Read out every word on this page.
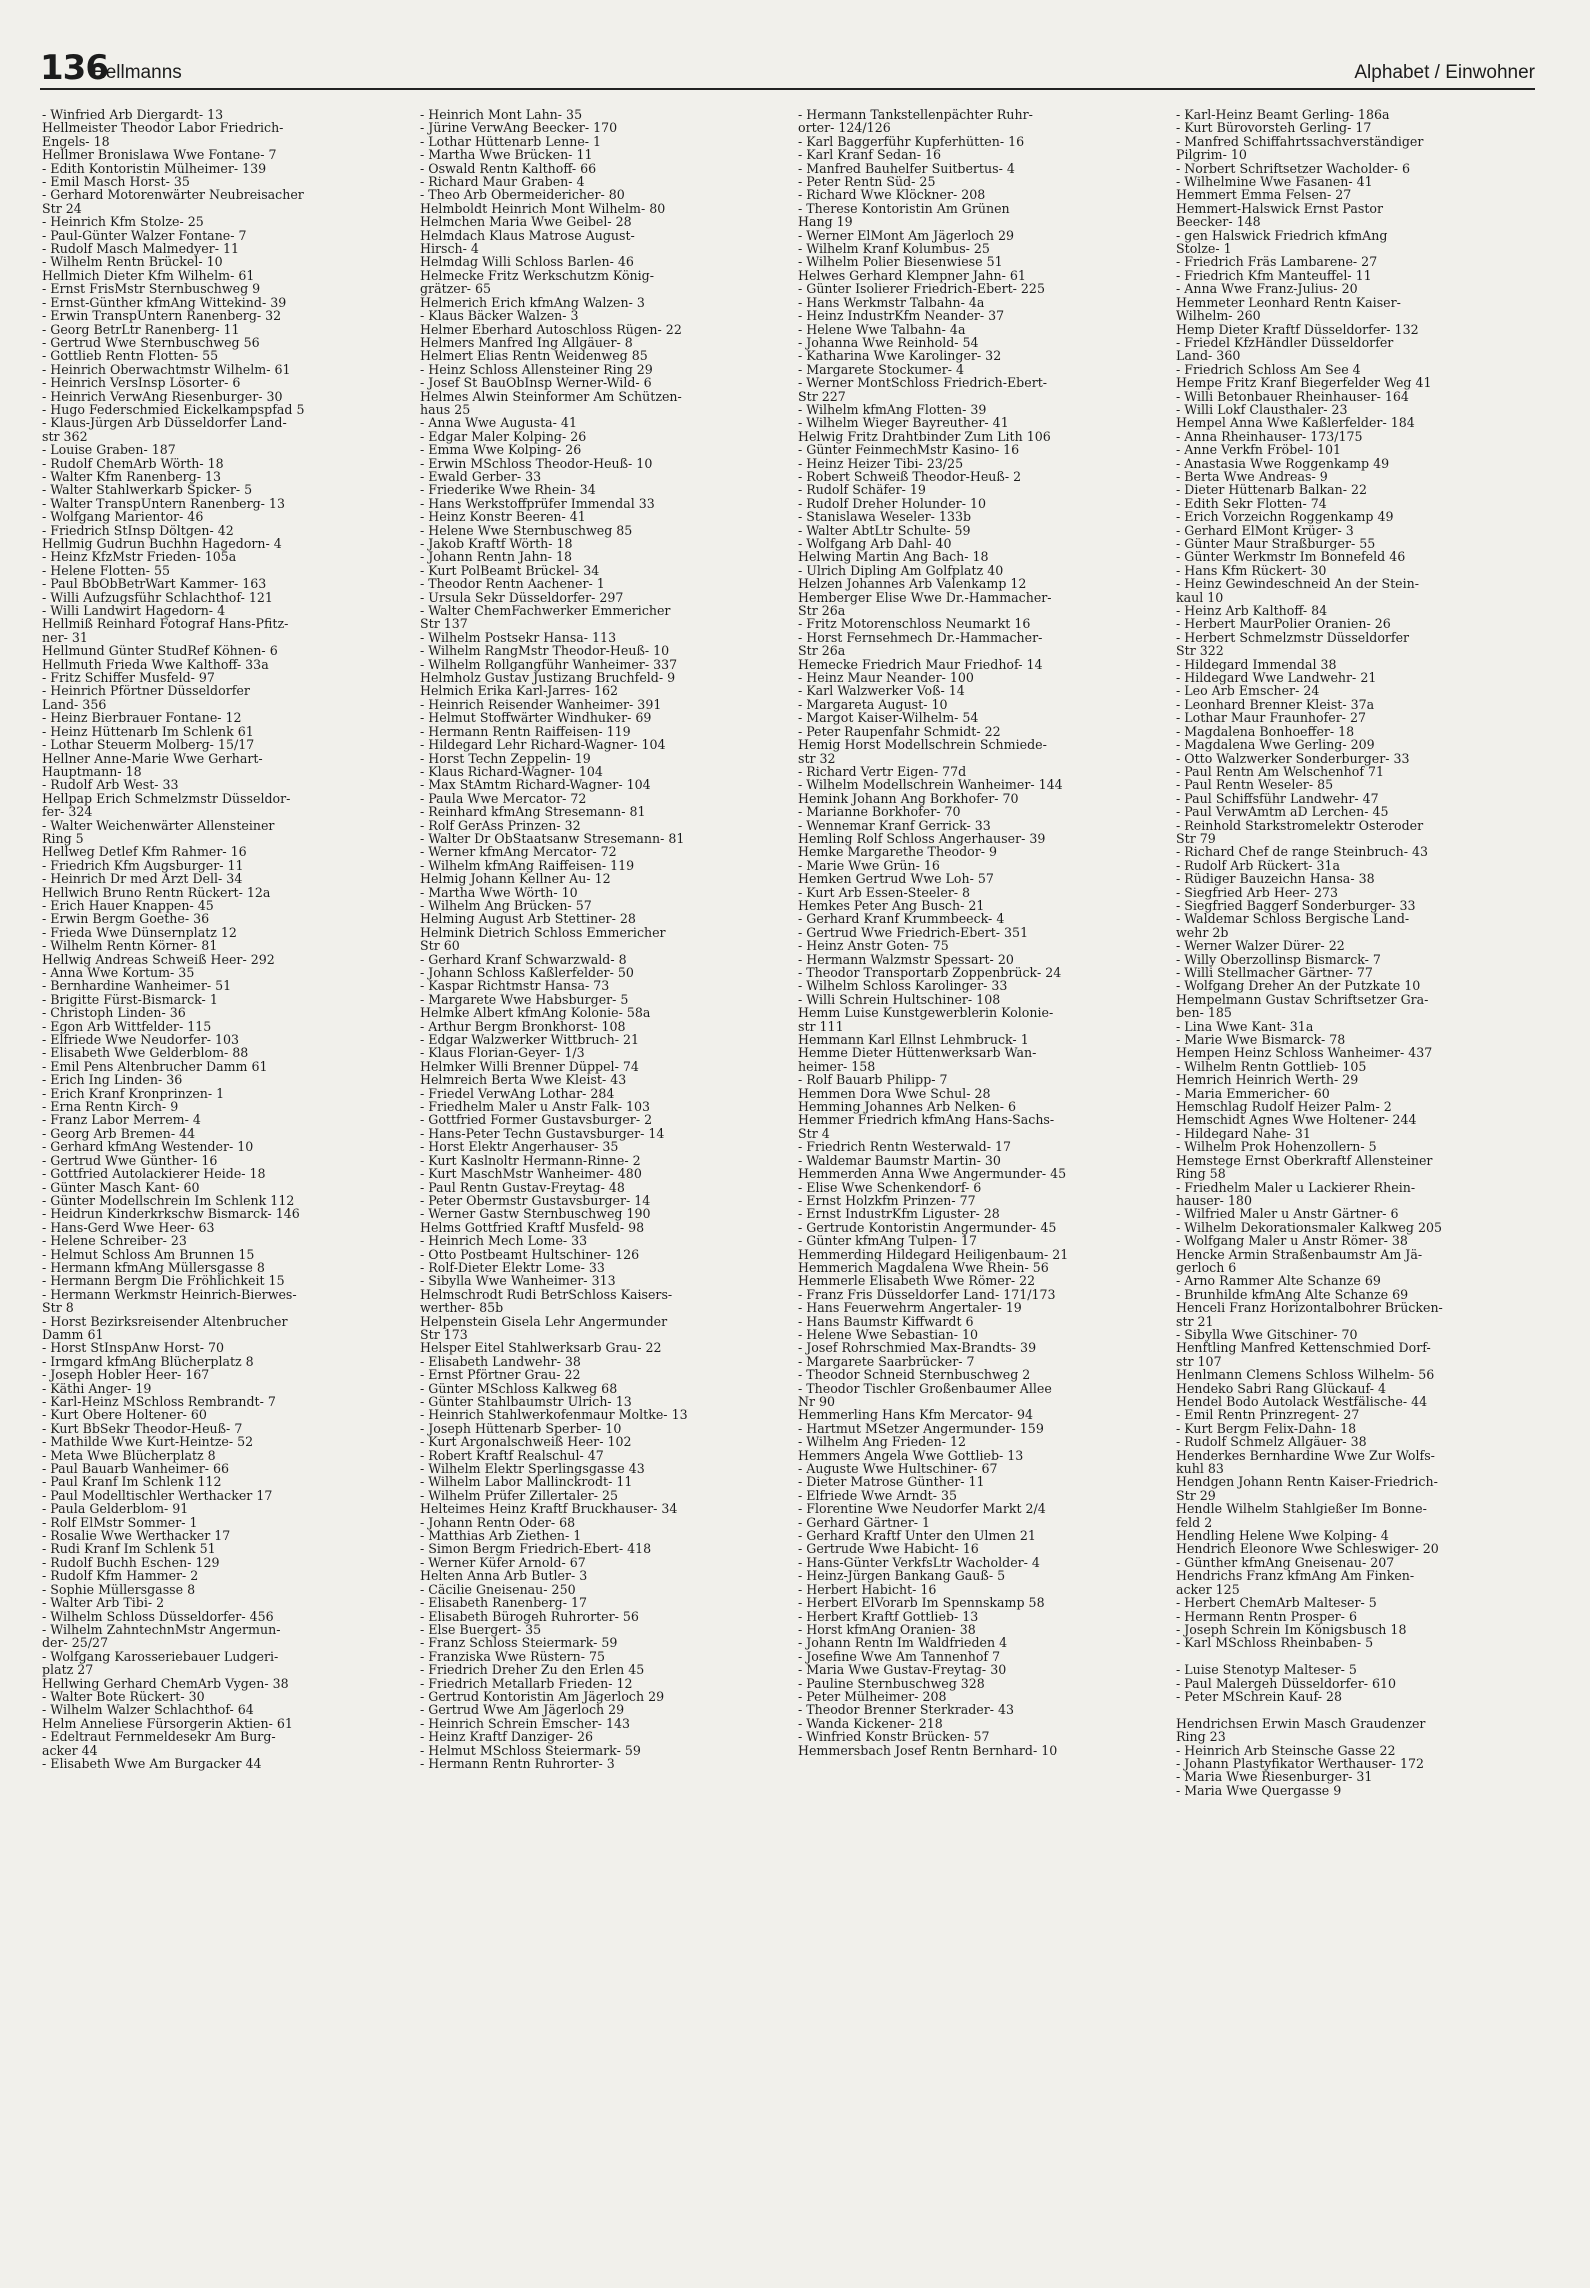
136
Hellmanns	Alphabet / Einwohner
- Winfried Arb Diergardt- 13
Hellmeister Theodor Labor Friedrich-
Engels- 18
Hellmer Bronislawa Wwe Fontane- 7
- Edith Kontoristin Mülheimer- 139
- Emil Masch Horst- 35
- Gerhard Motorenwärter Neubreisacher
Str 24
- Heinrich Kfm Stolze- 25
- Paul-Günter Walzer Fontane- 7
- Rudolf Masch Malmedyer- 11
- Wilhelm Rentn Brückel- 10
Hellmich Dieter Kfm Wilhelm- 61
- Ernst FrisMstr Sternbuschweg 9
- Ernst-Günther kfmAng Wittekind- 39
- Erwin TranspUntern Ranenberg- 32
- Georg BetrLtr Ranenberg- 11
- Gertrud Wwe Sternbuschweg 56
- Gottlieb Rentn Flotten- 55
- Heinrich Oberwachtmstr Wilhelm- 61
- Heinrich VersInsp Lösorter- 6
- Heinrich VerwAng Riesenburger- 30
- Hugo Federschmied Eickelkampspfad 5
- Klaus-Jürgen Arb Düsseldorfer Land-
str 362
- Louise Graben- 187
- Rudolf ChemArb Wörth- 18
- Walter Kfm Ranenberg- 13
- Walter Stahlwerkarb Spicker- 5
- Walter TranspUntern Ranenberg- 13
- Wolfgang Marientor- 46
- Friedrich StInsp Döltgen- 42
Hellmig Gudrun Buchhn Hagedorn- 4
- Heinz KfzMstr Frieden- 105a
- Helene Flotten- 55
- Paul BbObBetrWart Kammer- 163
- Willi Aufzugsführ Schlachthof- 121
- Willi Landwirt Hagedorn- 4
Hellmiß Reinhard Fotograf Hans-Pfitz-
ner- 31
Hellmund Günter StudRef Köhnen- 6
Hellmuth Frieda Wwe Kalthoff- 33a
- Fritz Schiffer Musfeld- 97
- Heinrich Pförtner Düsseldorfer
Land- 356
- Heinz Bierbrauer Fontane- 12
- Heinz Hüttenarb Im Schlenk 61
- Lothar Steuerm Molberg- 15/17
Hellner Anne-Marie Wwe Gerhart-
Hauptmann- 18
- Rudolf Arb West- 33
Hellpap Erich Schmelzmstr Düsseldor-
fer- 324
- Walter Weichenwärter Allensteiner
Ring 5
Hellweg Detlef Kfm Rahmer- 16
- Friedrich Kfm Augsburger- 11
- Heinrich Dr med Arzt Dell- 34
Hellwich Bruno Rentn Rückert- 12a
- Erich Hauer Knappen- 45
- Erwin Bergm Goethe- 36
- Frieda Wwe Dünsernplatz 12
- Wilhelm Rentn Körner- 81
Hellwig Andreas Schweiß Heer- 292
- Anna Wwe Kortum- 35
- Bernhardine Wanheimer- 51
- Brigitte Fürst-Bismarck- 1
- Christoph Linden- 36
- Egon Arb Wittfelder- 115
- Elfriede Wwe Neudorfer- 103
- Elisabeth Wwe Gelderblom- 88
- Emil Pens Altenbrucher Damm 61
- Erich Ing Linden- 36
- Erich Kranf Kronprinzen- 1
- Erna Rentn Kirch- 9
- Franz Labor Merrem- 4
- Georg Arb Bremen- 44
- Gerhard kfmAng Westender- 10
- Gertrud Wwe Günther- 16
- Gottfried Autolackierer Heide- 18
- Günter Masch Kant- 60
- Günter Modellschrein Im Schlenk 112
- Heidrun Kinderkrkschw Bismarck- 146
- Hans-Gerd Wwe Heer- 63
- Helene Schreiber- 23
- Helmut Schloss Am Brunnen 15
- Hermann kfmAng Müllersgasse 8
- Hermann Bergm Die Fröhlichkeit 15
- Hermann Werkmstr Heinrich-Bierwes-
Str 8
- Horst Bezirksreisender Altenbrucher
Damm 61
- Horst StInspAnw Horst- 70
- Irmgard kfmAng Blücherplatz 8
- Joseph Hobler Heer- 167
- Käthi Anger- 19
- Karl-Heinz MSchloss Rembrandt- 7
- Kurt Obere Holtener- 60
- Kurt BbSekr Theodor-Heuß- 7
- Mathilde Wwe Kurt-Heintze- 52
- Meta Wwe Blücherplatz 8
- Paul Bauarb Wanheimer- 66
- Paul Kranf Im Schlenk 112
- Paul Modelltischler Werthacker 17
- Paula Gelderblom- 91
- Rolf ElMstr Sommer- 1
- Rosalie Wwe Werthacker 17
- Rudi Kranf Im Schlenk 51
- Rudolf Buchh Eschen- 129
- Rudolf Kfm Hammer- 2
- Sophie Müllersgasse 8
- Walter Arb Tibi- 2
- Wilhelm Schloss Düsseldorfer- 456
- Wilhelm ZahntechnMstr Angermun-
der- 25/27
- Wolfgang Karosseriebauer Ludgeri-
platz 27
Hellwing Gerhard ChemArb Vygen- 38
- Walter Bote Rückert- 30
- Wilhelm Walzer Schlachthof- 64
Helm Anneliese Fürsorgerin Aktien- 61
- Edeltraut Fernmeldesekr Am Burg-
acker 44
- Elisabeth Wwe Am Burgacker 44
- Heinrich Mont Lahn- 35
- Jürine VerwAng Beecker- 170
- Lothar Hüttenarb Lenne- 1
- Martha Wwe Brücken- 11
- Oswald Rentn Kalthoff- 66
- Richard Maur Graben- 4
- Theo Arb Obermeidericher- 80
Helmboldt Heinrich Mont Wilhelm- 80
Helmchen Maria Wwe Geibel- 28
Helmdach Klaus Matrose August-
Hirsch- 4
Helmdag Willi Schloss Barlen- 46
Helmecke Fritz Werkschutzm König-
grätzer- 65
Helmerich Erich kfmAng Walzen- 3
- Klaus Bäcker Walzen- 3
Helmer Eberhard Autoschloss Rügen- 22
Helmers Manfred Ing Allgäuer- 8
Helmert Elias Rentn Weidenweg 85
- Heinz Schloss Allensteiner Ring 29
- Josef St BauObInsp Werner-Wild- 6
Helmes Alwin Steinformer Am Schützen-
haus 25
- Anna Wwe Augusta- 41
- Edgar Maler Kolping- 26
- Emma Wwe Kolping- 26
- Erwin MSchloss Theodor-Heuß- 10
- Ewald Gerber- 33
- Friederike Wwe Rhein- 34
- Hans Werkstoffprüfer Immendal 33
- Heinz Konstr Beeren- 41
- Helene Wwe Sternbuschweg 85
- Jakob Kraftf Wörth- 18
- Johann Rentn Jahn- 18
- Kurt PolBeamt Brückel- 34
- Theodor Rentn Aachener- 1
- Ursula Sekr Düsseldorfer- 297
- Walter ChemFachwerker Emmericher
Str 137
- Wilhelm Postsekr Hansa- 113
- Wilhelm RangMstr Theodor-Heuß- 10
- Wilhelm Rollgangführ Wanheimer- 337
Helmholz Gustav Justizang Bruchfeld- 9
Helmich Erika Karl-Jarres- 162
- Heinrich Reisender Wanheimer- 391
- Helmut Stoffwärter Windhuker- 69
- Hermann Rentn Raiffeisen- 119
- Hildegard Lehr Richard-Wagner- 104
- Horst Techn Zeppelin- 19
- Klaus Richard-Wagner- 104
- Max StAmtm Richard-Wagner- 104
- Paula Wwe Mercator- 72
- Reinhard kfmAng Stresemann- 81
- Rolf GerAss Prinzen- 32
- Walter Dr ObStaatsanw Stresemann- 81
- Werner kfmAng Mercator- 72
- Wilhelm kfmAng Raiffeisen- 119
Helmig Johann Kellner Au- 12
- Martha Wwe Wörth- 10
- Wilhelm Ang Brücken- 57
Helming August Arb Stettiner- 28
Helmink Dietrich Schloss Emmericher
Str 60
- Gerhard Kranf Schwarzwald- 8
- Johann Schloss Kaßlerfelder- 50
- Kaspar Richtmstr Hansa- 73
- Margarete Wwe Habsburger- 5
Helmke Albert kfmAng Kolonie- 58a
- Arthur Bergm Bronkhorst- 108
- Edgar Walzwerker Wittbruch- 21
- Klaus Florian-Geyer- 1/3
Helmker Willi Brenner Düppel- 74
Helmreich Berta Wwe Kleist- 43
- Friedel VerwAng Lothar- 284
- Friedhelm Maler u Anstr Falk- 103
- Gottfried Former Gustavsburger- 2
- Hans-Peter Techn Gustavsburger- 14
- Horst Elektr Angerhauser- 35
- Kurt Kaslnoltr Hermann-Rinne- 2
- Kurt MaschMstr Wanheimer- 480
- Paul Rentn Gustav-Freytag- 48
- Peter Obermstr Gustavsburger- 14
- Werner Gastw Sternbuschweg 190
Helms Gottfried Kraftf Musfeld- 98
- Heinrich Mech Lome- 33
- Otto Postbeamt Hultschiner- 126
- Rolf-Dieter Elektr Lome- 33
- Sibylla Wwe Wanheimer- 313
Helmschrodt Rudi BetrSchloss Kaisers-
werther- 85b
Helpenstein Gisela Lehr Angermunder
Str 173
Helsper Eitel Stahlwerksarb Grau- 22
- Elisabeth Landwehr- 38
- Ernst Pförtner Grau- 22
- Günter MSchloss Kalkweg 68
- Günter Stahlbaumstr Ulrich- 13
- Heinrich Stahlwerkofenmaur Moltke- 13
- Joseph Hüttenarb Sperber- 10
- Kurt Argonalschweiß Heer- 102
- Robert Kraftf Realschul- 47
- Wilhelm Elektr Sperlingsgasse 43
- Wilhelm Labor Mallinckrodt- 11
- Wilhelm Prüfer Zillertaler- 25
Helteimes Heinz Kraftf Bruckhauser- 34
- Johann Rentn Oder- 68
- Matthias Arb Ziethen- 1
- Simon Bergm Friedrich-Ebert- 418
- Werner Küfer Arnold- 67
Helten Anna Arb Butler- 3
- Cäcilie Gneisenau- 250
- Elisabeth Ranenberg- 17
- Elisabeth Bürogeh Ruhrorter- 56
- Else Buergert- 35
- Franz Schloss Steiermark- 59
- Franziska Wwe Rüstern- 75
- Friedrich Dreher Zu den Erlen 45
- Friedrich Metallarb Frieden- 12
- Gertrud Kontoristin Am Jägerloch 29
- Gertrud Wwe Am Jägerloch 29
- Heinrich Schrein Emscher- 143
- Heinz Kraftf Danziger- 26
- Helmut MSchloss Steiermark- 59
- Hermann Rentn Ruhrorter- 3
- Hermann Tankstellenpächter Ruhr-
orter- 124/126
- Karl Baggerführ Kupferhütten- 16
- Karl Kranf Sedan- 16
- Manfred Bauhelfer Suitbertus- 4
- Peter Rentn Süd- 25
- Richard Wwe Klöckner- 208
- Therese Kontoristin Am Grünen
Hang 19
- Werner ElMont Am Jägerloch 29
- Wilhelm Kranf Kolumbus- 25
- Wilhelm Polier Biesenwiese 51
Helwes Gerhard Klempner Jahn- 61
- Günter Isolierer Friedrich-Ebert- 225
- Hans Werkmstr Talbahn- 4a
- Heinz IndustrKfm Neander- 37
- Helene Wwe Talbahn- 4a
- Johanna Wwe Reinhold- 54
- Katharina Wwe Karolinger- 32
- Margarete Stockumer- 4
- Werner MontSchloss Friedrich-Ebert-
Str 227
- Wilhelm kfmAng Flotten- 39
- Wilhelm Wieger Bayreuther- 41
Helwig Fritz Drahtbinder Zum Lith 106
- Günter FeinmechMstr Kasino- 16
- Heinz Heizer Tibi- 23/25
- Robert Schweiß Theodor-Heuß- 2
- Rudolf Schäfer- 19
- Rudolf Dreher Holunder- 10
- Stanislawa Weseler- 133b
- Walter AbtLtr Schulte- 59
- Wolfgang Arb Dahl- 40
Helwing Martin Ang Bach- 18
- Ulrich Dipling Am Golfplatz 40
Helzen Johannes Arb Valenkamp 12
Hemberger Elise Wwe Dr.-Hammacher-
Str 26a
- Fritz Motorenschloss Neumarkt 16
- Horst Fernsehmech Dr.-Hammacher-
Str 26a
Hemecke Friedrich Maur Friedhof- 14
- Heinz Maur Neander- 100
- Karl Walzwerker Voß- 14
- Margareta August- 10
- Margot Kaiser-Wilhelm- 54
- Peter Raupenfahr Schmidt- 22
Hemig Horst Modellschrein Schmiede-
str 32
- Richard Vertr Eigen- 77d
- Wilhelm Modellschrein Wanheimer- 144
Hemink Johann Ang Borkhofer- 70
- Marianne Borkhofer- 70
- Wennemar Kranf Gerrick- 33
Hemling Rolf Schloss Angerhauser- 39
Hemke Margarethe Theodor- 9
- Marie Wwe Grün- 16
Hemken Gertrud Wwe Loh- 57
- Kurt Arb Essen-Steeler- 8
Hemkes Peter Ang Busch- 21
- Gerhard Kranf Krummbeeck- 4
- Gertrud Wwe Friedrich-Ebert- 351
- Heinz Anstr Goten- 75
- Hermann Walzmstr Spessart- 20
- Theodor Transportarb Zoppenbrück- 24
- Wilhelm Schloss Karolinger- 33
- Willi Schrein Hultschiner- 108
Hemm Luise Kunstgewerblerin Kolonie-
str 111
Hemmann Karl Ellnst Lehmbruck- 1
Hemme Dieter Hüttenwerksarb Wan-
heimer- 158
- Rolf Bauarb Philipp- 7
Hemmen Dora Wwe Schul- 28
Hemming Johannes Arb Nelken- 6
Hemmer Friedrich kfmAng Hans-Sachs-
Str 4
- Friedrich Rentn Westerwald- 17
- Waldemar Baumstr Martin- 30
Hemmerden Anna Wwe Angermunder- 45
- Elise Wwe Schenkendorf- 6
- Ernst Holzkfm Prinzen- 77
- Ernst IndustrKfm Liguster- 28
- Gertrude Kontoristin Angermunder- 45
- Günter kfmAng Tulpen- 17
Hemmerding Hildegard Heiligenbaum- 21
Hemmerich Magdalena Wwe Rhein- 56
Hemmerle Elisabeth Wwe Römer- 22
- Franz Fris Düsseldorfer Land- 171/173
- Hans Feuerwehrm Angertaler- 19
- Hans Baumstr Kiffwardt 6
- Helene Wwe Sebastian- 10
- Josef Rohrschmied Max-Brandts- 39
- Margarete Saarbrücker- 7
- Theodor Schneid Sternbuschweg 2
- Theodor Tischler Großenbaumer Allee
Nr 90
Hemmerling Hans Kfm Mercator- 94
- Hartmut MSetzer Angermunder- 159
- Wilhelm Ang Frieden- 12
Hemmers Angela Wwe Gottlieb- 13
- Auguste Wwe Hultschiner- 67
- Dieter Matrose Günther- 11
- Elfriede Wwe Arndt- 35
- Florentine Wwe Neudorfer Markt 2/4
- Gerhard Gärtner- 1
- Gerhard Kraftf Unter den Ulmen 21
- Gertrude Wwe Habicht- 16
- Hans-Günter VerkfsLtr Wacholder- 4
- Heinz-Jürgen Bankang Gauß- 5
- Herbert Habicht- 16
- Herbert ElVorarb Im Spennskamp 58
- Herbert Kraftf Gottlieb- 13
- Horst kfmAng Oranien- 38
- Johann Rentn Im Waldfrieden 4
- Josefine Wwe Am Tannenhof 7
- Maria Wwe Gustav-Freytag- 30
- Pauline Sternbuschweg 328
- Peter Mülheimer- 208
- Theodor Brenner Sterkrader- 43
- Wanda Kickener- 218
- Winfried Konstr Brücken- 57
Hemmersbach Josef Rentn Bernhard- 10
- Karl-Heinz Beamt Gerling- 186a
- Kurt Bürovorsteh Gerling- 17
- Manfred Schiffahrtssachverständiger
Pilgrim- 10
- Norbert Schriftsetzer Wacholder- 6
- Wilhelmine Wwe Fasanen- 41
Hemmert Emma Felsen- 27
Hemmert-Halswick Ernst Pastor
Beecker- 148
- gen Halswick Friedrich kfmAng
Stolze- 1
- Friedrich Fräs Lambarene- 27
- Friedrich Kfm Manteuffel- 11
- Anna Wwe Franz-Julius- 20
Hemmeter Leonhard Rentn Kaiser-
Wilhelm- 260
Hemp Dieter Kraftf Düsseldorfer- 132
- Friedel KfzHändler Düsseldorfer
Land- 360
- Friedrich Schloss Am See 4
Hempe Fritz Kranf Biegerfelder Weg 41
- Willi Betonbauer Rheinhauser- 164
- Willi Lokf Clausthaler- 23
Hempel Anna Wwe Kaßlerfelder- 184
- Anna Rheinhauser- 173/175
- Anne Verkfn Fröbel- 101
- Anastasia Wwe Roggenkamp 49
- Berta Wwe Andreas- 9
- Dieter Hüttenarb Balkan- 22
- Edith Sekr Flotten- 74
- Erich Vorzeichn Roggenkamp 49
- Gerhard ElMont Krüger- 3
- Günter Maur Straßburger- 55
- Günter Werkmstr Im Bonnefeld 46
- Hans Kfm Rückert- 30
- Heinz Gewindeschneid An der Stein-
kaul 10
- Heinz Arb Kalthoff- 84
- Herbert MaurPolier Oranien- 26
- Herbert Schmelzmstr Düsseldorfer
Str 322
- Hildegard Immendal 38
- Hildegard Wwe Landwehr- 21
- Leo Arb Emscher- 24
- Leonhard Brenner Kleist- 37a
- Lothar Maur Fraunhofer- 27
- Magdalena Bonhoeffer- 18
- Magdalena Wwe Gerling- 209
- Otto Walzwerker Sonderburger- 33
- Paul Rentn Am Welschenhof 71
- Paul Rentn Weseler- 85
- Paul Schiffsführ Landwehr- 47
- Paul VerwAmtm aD Lerchen- 45
- Reinhold Starkstromelektr Osteroder
Str 79
- Richard Chef de range Steinbruch- 43
- Rudolf Arb Rückert- 31a
- Rüdiger Bauzeichn Hansa- 38
- Siegfried Arb Heer- 273
- Siegfried Baggerf Sonderburger- 33
- Waldemar Schloss Bergische Land-
wehr 2b
- Werner Walzer Dürer- 22
- Willy Oberzollinsp Bismarck- 7
- Willi Stellmacher Gärtner- 77
- Wolfgang Dreher An der Putzkate 10
Hempelmann Gustav Schriftsetzer Gra-
ben- 185
- Lina Wwe Kant- 31a
- Marie Wwe Bismarck- 78
Hempen Heinz Schloss Wanheimer- 437
- Wilhelm Rentn Gottlieb- 105
Hemrich Heinrich Werth- 29
- Maria Emmericher- 60
Hemschlag Rudolf Heizer Palm- 2
Hemschidt Agnes Wwe Holtener- 244
- Hildegard Nahe- 31
- Wilhelm Prok Hohenzollern- 5
Hemstege Ernst Oberkraftf Allensteiner
Ring 58
- Friedhelm Maler u Lackierer Rhein-
hauser- 180
- Wilfried Maler u Anstr Gärtner- 6
- Wilhelm Dekorationsmaler Kalkweg 205
- Wolfgang Maler u Anstr Römer- 38
Hencke Armin Straßenbaumstr Am Jä-
gerloch 6
- Arno Rammer Alte Schanze 69
- Brunhilde kfmAng Alte Schanze 69
Henceli Franz Horizontalbohrer Brücken-
str 21
- Sibylla Wwe Gitschiner- 70
Henftling Manfred Kettenschmied Dorf-
str 107
Henlmann Clemens Schloss Wilhelm- 56
Hendeko Sabri Rang Glückauf- 4
Hendel Bodo Autolack Westfälische- 44
- Emil Rentn Prinzregent- 27
- Kurt Bergm Felix-Dahn- 18
- Rudolf Schmelz Allgäuer- 38
Henderkes Bernhardine Wwe Zur Wolfs-
kuhl 83
Hendgen Johann Rentn Kaiser-Friedrich-
Str 29
Hendle Wilhelm Stahlgießer Im Bonne-
feld 2
Hendling Helene Wwe Kolping- 4
Hendrich Eleonore Wwe Schleswiger- 20
- Günther kfmAng Gneisenau- 207
Hendrichs Franz kfmAng Am Finken-
acker 125
- Herbert ChemArb Malteser- 5
- Hermann Rentn Prosper- 6
- Joseph Schrein Im Königsbusch 18
- Karl MSchloss Rheinbaben- 5
- Luise Stenotyp Malteser- 5
- Paul Malergeh Düsseldorfer- 610
- Peter MSchrein Kauf- 28
Hendrichsen Erwin Masch Graudenzer
Ring 23
- Heinrich Arb Steinsche Gasse 22
- Johann Plastyfikator Werthauser- 172
- Maria Wwe Riesenburger- 31
- Maria Wwe Quergasse 9
